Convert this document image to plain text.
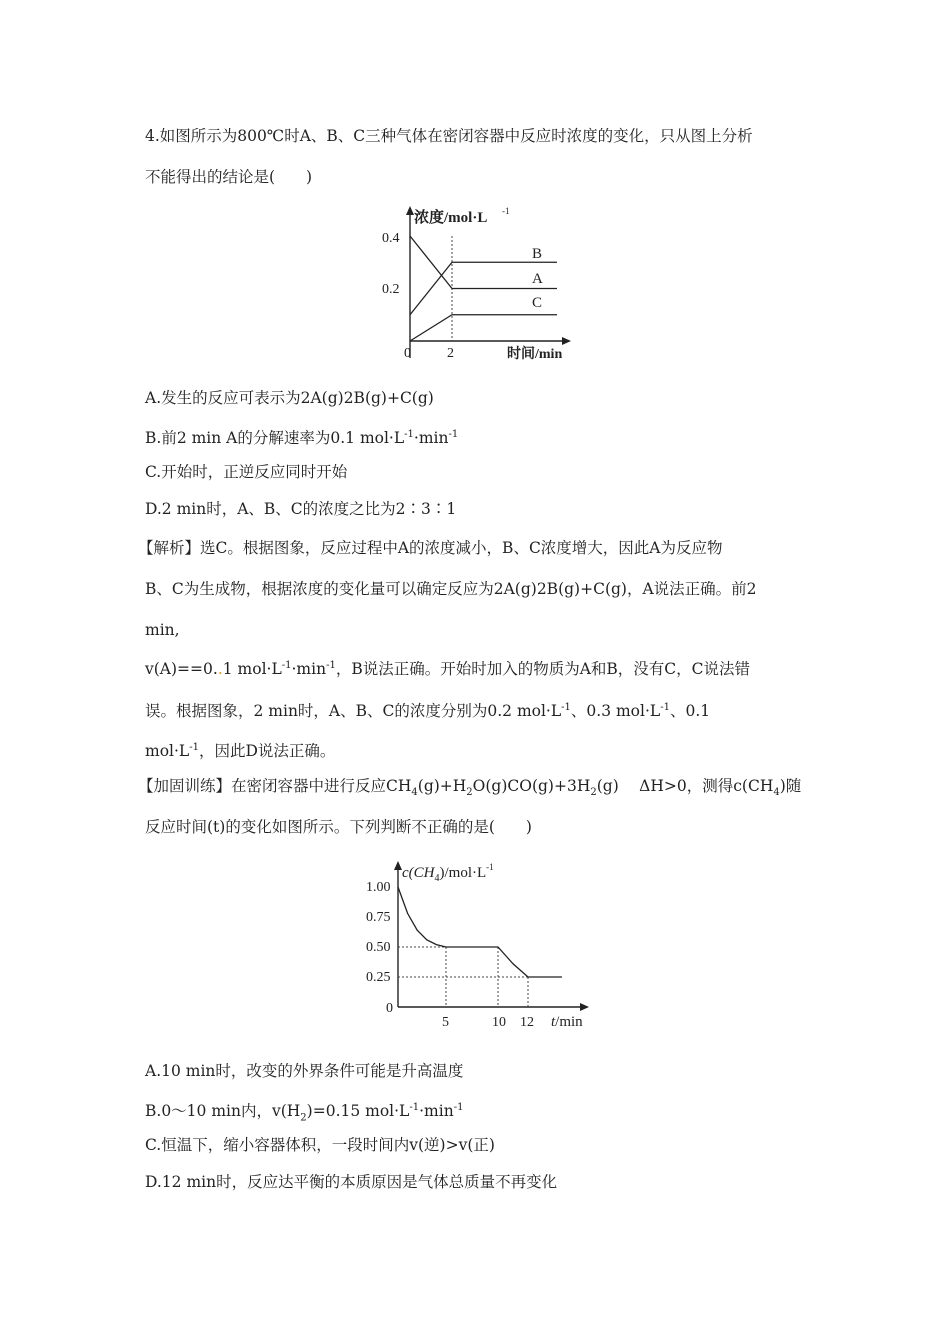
4.如图所示为800℃时A、B、C三种气体在密闭容器中反应时浓度的变化，只从图上分析
不能得出的结论是(　　)
浓度/mol·L -1
时间/min
0.4
0.2
0	2
B
A
C
A.发生的反应可表示为2A(g)2B(g)+C(g)
B.前2 min A的分解速率为0.1 $mol\cdot L^{-1}\cdot\min^{-1}$
C.开始时，正逆反应同时开始
D.2 min时，A、B、C的浓度之比为2∶3∶1
【解析】选C。根据图象，反应过程中A的浓度减小，B、C浓度增大，因此A为反应物
B、C为生成物，根据浓度的变化量可以确定反应为2A(g)2B(g)+C(g)，A说法正确。前2
min,
v(A)==0..1 $mol\cdot L^{-1}\cdot\min^{-1}$，B说法正确。开始时加入的物质为A和B，没有C，C说法错
误。根据图象，2 min时，A、B、C的浓度分别为0.2 $mol\cdot L^{-1}$、0.3 $mol\cdot L^{-1}$、0.1
$mol\cdot L^{-1}$，因此D说法正确。
【加固训练】在密闭容器中进行反应$CH_4(g)+H_2O(g)CO(g)+3H_2(g)$　 ΔH>0，测得$c(CH_4)$随
反应时间(t)的变化如图所示。下列判断不正确的是(　　)
$c(CH_4)/mol\cdot L^{-1}$
1.00
0.75
0.50
0.25
0
5	10 12 t/min
A.10 min时，改变的外界条件可能是升高温度
B.0～10 min内，$v(H_2)=0.15$ $mol\cdot L^{-1}\cdot\min^{-1}$
C.恒温下，缩小容器体积，一段时间内v(逆)>v(正)
D.12 min时，反应达平衡的本质原因是气体总质量不再变化
